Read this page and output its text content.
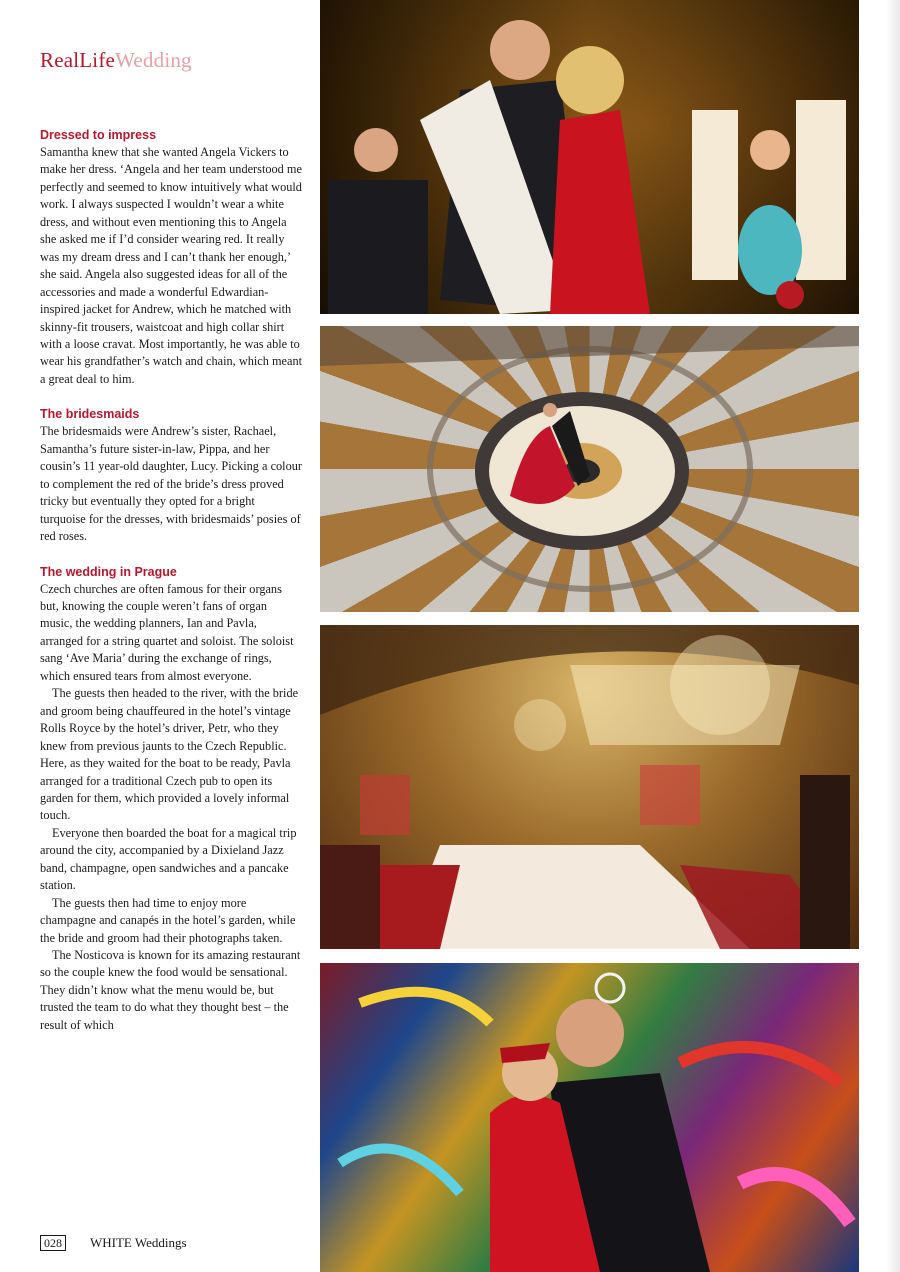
RealLifeWedding
Dressed to impress

Samantha knew that she wanted Angela Vickers to make her dress. ‘Angela and her team understood me perfectly and seemed to know intuitively what would work. I always suspected I wouldn’t wear a white dress, and without even mentioning this to Angela she asked me if I’d consider wearing red. It really was my dream dress and I can’t thank her enough,’ she said. Angela also suggested ideas for all of the accessories and made a wonderful Edwardian-inspired jacket for Andrew, which he matched with skinny-fit trousers, waistcoat and high collar shirt with a loose cravat. Most importantly, he was able to wear his grandfather’s watch and chain, which meant a great deal to him.

The bridesmaids

The bridesmaids were Andrew’s sister, Rachael, Samantha’s future sister-in-law, Pippa, and her cousin’s 11 year-old daughter, Lucy. Picking a colour to complement the red of the bride’s dress proved tricky but eventually they opted for a bright turquoise for the dresses, with bridesmaids’ posies of red roses.

The wedding in Prague

Czech churches are often famous for their organs but, knowing the couple weren’t fans of organ music, the wedding planners, Ian and Pavla, arranged for a string quartet and soloist. The soloist sang ‘Ave Maria’ during the exchange of rings, which ensured tears from almost everyone.

The guests then headed to the river, with the bride and groom being chauffeured in the hotel’s vintage Rolls Royce by the hotel’s driver, Petr, who they knew from previous jaunts to the Czech Republic. Here, as they waited for the boat to be ready, Pavla arranged for a traditional Czech pub to open its garden for them, which provided a lovely informal touch.

Everyone then boarded the boat for a magical trip around the city, accompanied by a Dixieland Jazz band, champagne, open sandwiches and a pancake station.

The guests then had time to enjoy more champagne and canapés in the hotel’s garden, while the bride and groom had their photographs taken.

The Nosticova is known for its amazing restaurant so the couple knew the food would be sensational. They didn’t know what the menu would be, but trusted the team to do what they thought best – the result of which

028	WHITE Weddings
